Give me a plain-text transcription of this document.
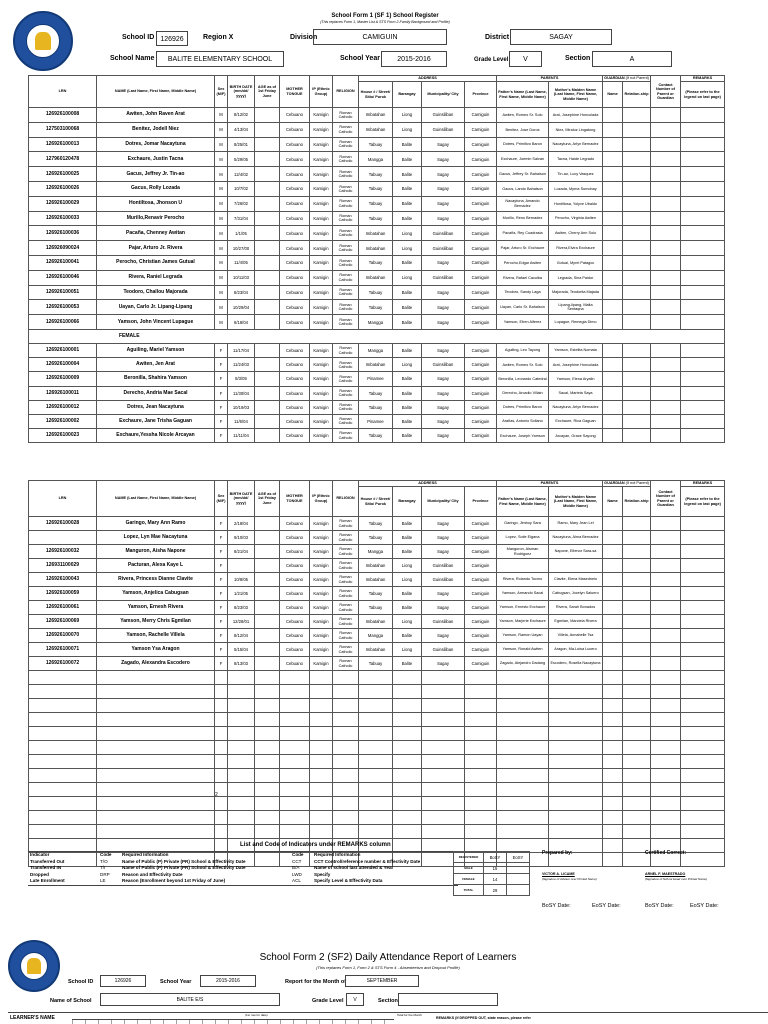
School Form 1 (SF 1) School Register
(This replaces Form 1, Master List & STS Form 2-Family Background and Profile)
School ID 126926	Region X	Division	CAMIGUIN	District	SAGAY
School Name	BALITE ELEMENTARY SCHOOL	School Year	2015-2016	Grade Level	V	Section	A
LRN	NAME (Last Name, First Name, Middle Name)	Sex (M/F)	BIRTH DATE (mm/dd/ yyyy)	AGE as of 1st Friday June	MOTHER TONGUE	IP (Ethnic Group)	RELIGION	ADDRESS				PARENTS		GUARDIAN (If not Parent)		Contact Number of Parent or Guardian	REMARKS
								House # / Street/ Sitio/ Purok	Barangay	Municipality/ City	Province	Father's Name (Last Name, First Name, Middle Name)	Mother's Maiden Name (Last Name, First Name, Middle Name)	Name	Relation-ship		(Please refer to the legend on last page)
126926100008	Awiten, John Raven Arat	M	8/12/02		Cebuano	Kamigin	Roman Catholic	Imbatahan	Liong	Guinsiliban	Camiguin	Awiten, Romeo Sr. Solo	Arat, Josephine Honculada				
127503100068	Benitez, Jodell Niez	M	4/13/04		Cebuano	Kamigin	Roman Catholic	Imbatahan	Liong	Guinsiliban	Camiguin	Benitez, Jose Doros	Niez, Miraluz Lingatong				
126926100013	Dotres, Jomar Nacaytuna	M	8/25/01		Cebuano	Kamigin	Roman Catholic	Tabuay	Balite	Sagay	Camiguin	Dotres, Primitivo Baron	Nacaytuna, Arlyn Bernadez				
127960120478	Exchaure, Justin Tacna	M	5/29/05		Cebuano	Kamigin	Roman Catholic	Mangga	Balite	Sagay	Camiguin	Exchaure, Joemin Salvan	Tacna, Haide Legrado				
126926100025	Gacus, Jeffrey Jr. Tin-ao	M	12/4/02		Cebuano	Kamigin	Roman Catholic	Tabuay	Balite	Sagay	Camiguin	Gacus, Jeffrey Sr. Bahalson	Tin-ao, Lucy Vasquez				
126926100026	Gacus, Rolly Lozada	M	10/7/02		Cebuano	Kamigin	Roman Catholic	Tabuay	Balite	Sagay	Camiguin	Gacus, Lando Bahalson	Lozada, Myrna Sumobay				
126926100029	Hontiltosa, Jhonson U	M	7/26/02		Cebuano	Kamigin	Roman Catholic	Tabuay	Balite	Sagay	Camiguin	Nacaytuna, Amando Bernadez	Hontiltosa, Yolyve Ubaldo				
126926100033	Murillo,Renavir Perocho	M	7/31/04		Cebuano	Kamigin	Roman Catholic	Tabuay	Balite	Sagay	Camiguin	Murillo, Reno Bernadez	Perocho, Virginia Awiten				
126926100036	Pacaña, Chenney Awitan	M	1/1/05		Cebuano	Kamigin	Roman Catholic	Imbatahan	Liong	Guinsiliban	Camiguin	Pacaña, Rey Cuadrasia	Awiten, Cherry Ann Solo				
126926090024	Pajar, Arturo Jr. Rivera	M	10/27/00		Cebuano	Kamigin	Roman Catholic	Imbatahan	Liong	Guinsiliban	Camiguin	Pajar, Arturo Sr. Exchaure	Rivera,Elvira Exchaure				
126926100041	Perocho, Christian James Gutual	M	11/4/05		Cebuano	Kamigin	Roman Catholic	Tabuay	Balite	Sagay	Camiguin	Perocho,Edgar Awiten	Gutual, Myrel Patagoc				
126926100046	Rivera, Raniel Legrada	M	10/11/03		Cebuano	Kamigin	Roman Catholic	Imbatahan	Liong	Guinsiliban	Camiguin	Rivera, Rafael Caculba	Legrada, Sina Paidor				
126926100051	Teodoro, Challou Majorada	M	8/23/04		Cebuano	Kamigin	Roman Catholic	Tabuay	Balite	Sagay	Camiguin	Teodoro, Sandy Laga	Majorada, Teodorita Majada				
126926100053	Uayan, Carlo Jr. Lipang-Lipang	M	10/29/04		Cebuano	Kamigin	Roman Catholic	Tabuay	Balite	Sagay	Camiguin	Uayan, Carlo Sr. Bahalson	Lipang-lipang, Malta Sentaqna				
126926100066	Yamson, John Vincent Lupague	M	6/18/04		Cebuano	Kamigin	Roman Catholic	Mangga	Balite	Sagay	Camiguin	Yamson, Efren Alferez	Lupague, Remegia Dimo				
FEMALE																	
126926100001	Aguiling, Mariel Yamson	F	11/17/04		Cebuano	Kamigin	Roman Catholic	Mangga	Balite	Sagay	Camiguin	Aguiling, Leo Tayong	Yamson, Estelita Nomata				
126926100004	Awiten, Jen Arat	F	11/24/03		Cebuano	Kamigin	Roman Catholic	Imbatahan	Liong	Guinsiliban	Camiguin	Awiten, Romeo Sr. Solo	Arat, Josephine Honculada				
126926100009	Beronilla, Shahira Yamson	F	8/3/05		Cebuano	Kamigin	Roman Catholic	Pinamee	Balite	Sagay	Camiguin	Beronilla, Leonardo Catedral	Yamson, Elena Aryalin				
126926100011	Derecho, Andria Mae Sacal	F	11/30/04		Cebuano	Kamigin	Roman Catholic	Tabuay	Balite	Sagay	Camiguin	Derecho, Arcadio Villain	Sacal, Marieta Saya				
126926100012	Dotres, Jean Nacaytuna	F	10/19/03		Cebuano	Kamigin	Roman Catholic	Tabuay	Balite	Sagay	Camiguin	Dotres, Primitivo Baron	Nacaytuna, Arlyn Bernadez				
126926100002	Exchaure, Jane Trisha Gaguan	F	11/6/04		Cebuano	Kamigin	Roman Catholic	Pinamee	Balite	Sagay	Camiguin	Arañas, Antonio Sollano	Exchaure, Rica Gaguan				
126926100023	Exchaure,Yessha Nicole Arcayan	F	11/11/04		Cebuano	Kamigin	Roman Catholic	Tabuay	Balite	Sagay	Camiguin	Exchaure, Joseph Yamson	Arcayan, Grace Sayong				
LRN	NAME (Last Name, First Name, Middle Name)	Sex (M/F)	BIRTH DATE (mm/dd/ yyyy)	AGE as of 1st Friday June	MOTHER TONGUE	IP (Ethnic Group)	RELIGION	ADDRESS				PARENTS		GUARDIAN (If not Parent)		Contact Number of Parent or Guardian	REMARKS
								House # / Street/ Sitio/ Purok	Barangay	Municipality/ City	Province	Father's Name (Last Name, First Name, Middle Name)	Mother's Maiden Name (Last Name, First Name, Middle Name)	Name	Relation-ship		(Please refer to the legend on last page)
126926100028	Garingo, Mary Ann Ramo	F	2/18/04		Cebuano	Kamigin	Roman Catholic	Tabuay	Balite	Sagay	Camiguin	Garingo, Jimboy Sara	Ramo, Mary Jean Lel				
	Lopez, Lyn Mae Nacaytuna	F	9/10/03		Cebuano	Kamigin	Roman Catholic	Tabuay	Balite	Sagay	Camiguin	Lopez, Sotie Elgana	Nacaytuna, Alma Bernadez				
126926100032	Manguron, Aisha Napone	F	8/21/04		Cebuano	Kamigin	Roman Catholic	Mangga	Balite	Sagay	Camiguin	Manguron, Alsman Rodriguez	Napone, Eltenor Sara-sa				
126931100029	Pacturan, Alexa Kaye L	F			Cebuano	Kamigin	Roman Catholic	Imbatahan	Liong	Guinsiliban	Camiguin						
126926100043	Rivera, Princess Dianne Clavite	F	10/8/05		Cebuano	Kamigin	Roman Catholic	Imbatahan	Liong	Guinsiliban	Camiguin	Rivera, Rolando Tocmo	Clavite, Elena Masednelo				
126926100059	Yamson, Anjelica Cabugsan	F	1/21/05		Cebuano	Kamigin	Roman Catholic	Tabuay	Balite	Sagay	Camiguin	Yamson, Armando Sacal	Cabugsan, Jocelyn Saluero				
126926100061	Yamson, Ernesh Rivera	F	8/23/03		Cebuano	Kamigin	Roman Catholic	Tabuay	Balite	Sagay	Camiguin	Yamson, Ernesto Exchaure	Rivera, Sarah Bonados				
126926100069	Yamson, Merry Chris Egmilan	F	12/28/01		Cebuano	Kamigin	Roman Catholic	Imbatahan	Liong	Guinsiliban	Camiguin	Yamson, Marjerie Exchaure	Egmilan, Marciela Rivera				
126926100070	Yamson, Rachelle Villela	F	8/12/04		Cebuano	Kamigin	Roman Catholic	Mangga	Balite	Sagay	Camiguin	Yamson, Ramon Uayan	Villela, Annabelle Tsa				
126926100071	Yamson Ysa Aragon	F	5/15/04		Cebuano	Kamigin	Roman Catholic	Imbatahan	Liong	Guinsiliban	Camiguin	Yamson, Ronald Awiten	Aragon, Ma.Luisa Lucero				
126926100072	Zagado, Alexandra Escodero	F	8/13/03		Cebuano	Kamigin	Roman Catholic	Tabuay	Balite	Sagay	Camiguin	Zagado, Alejandro Dadang	Escodero, Rosella Nacaytuna				

2
List and Code of Indicators under REMARKS column
Indicator	Code	Required Information	Code	Required Information
Transferred Out	T/O	Name of Public (P) Private (PR) School & Effectivity Date	CCT	CCT Control/reference number & Effectivity Date
Transferred IN	T/I	Name of Public (P) Private (PR) School & Effectivity Date	B/A	Name of school last attended & Year
Dropped	DRP	Reason and Effectivity Date	LWD	Specify
Late Enrollment	LE	Reason (Enrollment beyond 1st Friday of June)	ACL	Specify Level & Effectivity Data
REGISTERED	BoSY	EoSY
MALE	15	
FEMALE	14	
TOTAL	29	
Prepared by:
VICTOR A. LICAME
(Signature of Adviser over Printed Name)
BoSY Date:	EoSY Date:
Certified Correct:
ARNEL F. MAESTRADO
(Signature of School Head over Printed Name)
BoSY Date:	EoSY Date:
School Form 2 (SF2) Daily Attendance Report of Learners
(This replaces Form 1, Form 2 & STS Form 4 - Absenteeism and Dropout Profile)
School ID	126926	School Year	2015-2016	Report for the Month of	SEPTEMBER
Name of School	BALITE E/S	Grade Level	V	Section
LEARNER'S NAME	(1st row for date)	Total for the Month
REMARKS (If DROPPED OUT, state reason, please refer
